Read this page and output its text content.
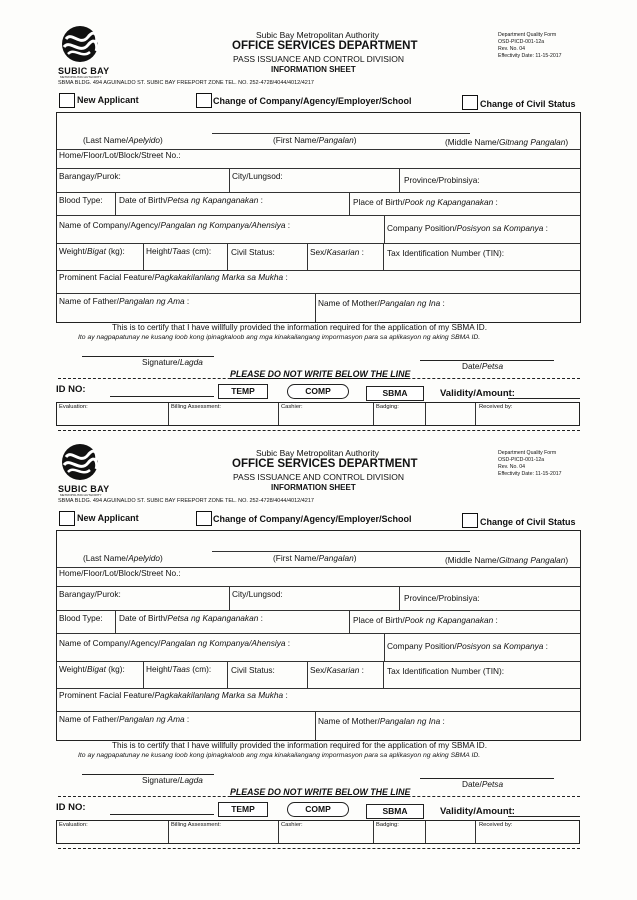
SUBIC BAY
METROPOLITAN AUTHORITY
Subic Bay Metropolitan Authority
OFFICE SERVICES DEPARTMENT
PASS ISSUANCE AND CONTROL DIVISION
INFORMATION SHEET
Department Quality Form
OSD-PICD-001-12a
Rev. No. 04
Effectivity Date: 11-15-2017
SBMA BLDG. 494 AGUINALDO ST. SUBIC BAY FREEPORT ZONE TEL. NO. 252-4728/4044/4012/4217
New Applicant	Change of Company/Agency/Employer/School	Change of Civil Status
(Last Name/Apelyido)	(First Name/Pangalan)	(Middle Name/Gitnang Pangalan)
Home/Floor/Lot/Block/Street No.:
Barangay/Purok:	City/Lungsod:	Province/Probinsiya:
Blood Type: Date of Birth/Petsa ng Kapanganakan :	Place of Birth/Pook ng Kapanganakan :
Name of Company/Agency/Pangalan ng Kompanya/Ahensiya :	Company Position/Posisyon sa Kompanya :
Weight/Bigat (kg):	Height/Taas (cm): Civil Status:	Sex/Kasarian :	Tax Identification Number (TIN):
Prominent Facial Feature/Pagkakakilanlang Marka sa Mukha :
Name of Father/Pangalan ng Ama :	Name of Mother/Pangalan ng Ina :
This is to certify that I have willfully provided the information required for the application of my SBMA ID.
Ito ay nagpapatunay ne kusang loob kong ipinagkaloob ang mga kinakailangang impormasyon para sa aplikasyon ng aking SBMA ID.
Signature/Lagda	Date/Petsa
PLEASE DO NOT WRITE BELOW THE LINE
ID NO:	TEMP	COMP	SBMA	Validity/Amount:
Evaluation:	Billing Assessment:	Cashier:	Badging:	Received by:
SUBIC BAY
METROPOLITAN AUTHORITY
Subic Bay Metropolitan Authority
OFFICE SERVICES DEPARTMENT
PASS ISSUANCE AND CONTROL DIVISION
INFORMATION SHEET
Department Quality Form
OSD-PICD-001-12a
Rev. No. 04
Effectivity Date: 11-15-2017
SBMA BLDG. 494 AGUINALDO ST. SUBIC BAY FREEPORT ZONE TEL. NO. 252-4728/4044/4012/4217
New Applicant	Change of Company/Agency/Employer/School	Change of Civil Status
(Last Name/Apelyido)	(First Name/Pangalan)	(Middle Name/Gitnang Pangalan)
Home/Floor/Lot/Block/Street No.:
Barangay/Purok:	City/Lungsod:	Province/Probinsiya:
Blood Type: Date of Birth/Petsa ng Kapanganakan :	Place of Birth/Pook ng Kapanganakan :
Name of Company/Agency/Pangalan ng Kompanya/Ahensiya :	Company Position/Posisyon sa Kompanya :
Weight/Bigat (kg):	Height/Taas (cm): Civil Status:	Sex/Kasarian :	Tax Identification Number (TIN):
Prominent Facial Feature/Pagkakakilanlang Marka sa Mukha :
Name of Father/Pangalan ng Ama :	Name of Mother/Pangalan ng Ina :
This is to certify that I have willfully provided the information required for the application of my SBMA ID.
Ito ay nagpapatunay ne kusang loob kong ipinagkaloob ang mga kinakailangang impormasyon para sa aplikasyon ng aking SBMA ID.
Signature/Lagda	Date/Petsa
PLEASE DO NOT WRITE BELOW THE LINE
ID NO:	TEMP	COMP	SBMA	Validity/Amount:
Evaluation:	Billing Assessment:	Cashier:	Badging:	Received by:
